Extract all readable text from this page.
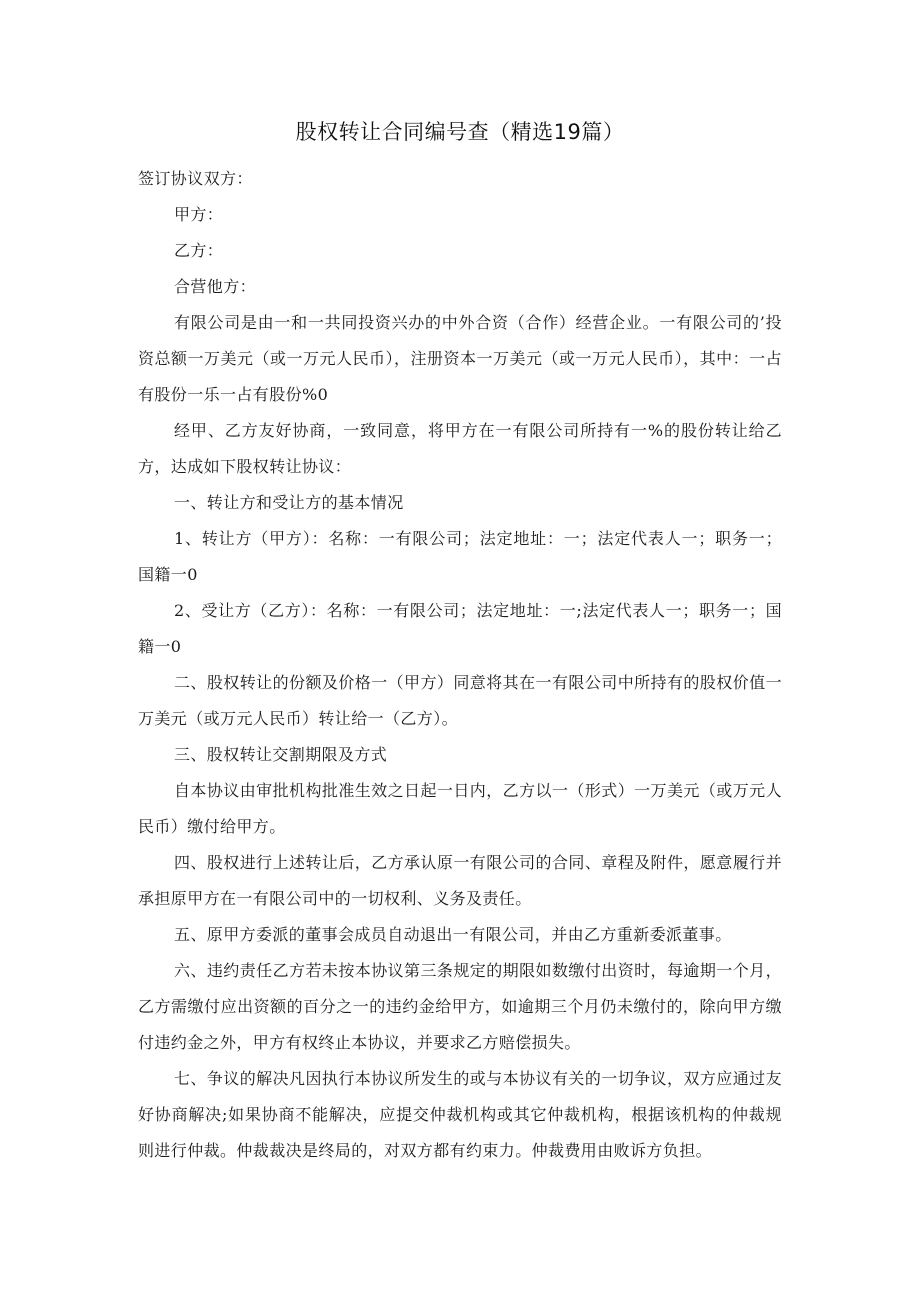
股权转让合同编号查（精选19篇）

签订协议双方：

甲方：

乙方：

合营他方：

有限公司是由一和一共同投资兴办的中外合资（合作）经营企业。一有限公司的’投资总额一万美元（或一万元人民币），注册资本一万美元（或一万元人民币），其中：一占有股份一乐一占有股份%0

经甲、乙方友好协商，一致同意，将甲方在一有限公司所持有一%的股份转让给乙方，达成如下股权转让协议：

一、转让方和受让方的基本情况

1、转让方（甲方）：名称：一有限公司；法定地址：一；法定代表人一；职务一；国籍一0

2、受让方（乙方）：名称：一有限公司；法定地址：一;法定代表人一；职务一；国籍一0

二、股权转让的份额及价格一（甲方）同意将其在一有限公司中所持有的股权价值一万美元（或万元人民币）转让给一（乙方）。

三、股权转让交割期限及方式

自本协议由审批机构批准生效之日起一日内，乙方以一（形式）一万美元（或万元人民币）缴付给甲方。

四、股权进行上述转让后，乙方承认原一有限公司的合同、章程及附件，愿意履行并承担原甲方在一有限公司中的一切权利、义务及责任。

五、原甲方委派的董事会成员自动退出一有限公司，并由乙方重新委派董事。

六、违约责任乙方若未按本协议第三条规定的期限如数缴付出资时，每逾期一个月，乙方需缴付应出资额的百分之一的违约金给甲方，如逾期三个月仍未缴付的，除向甲方缴付违约金之外，甲方有权终止本协议，并要求乙方赔偿损失。

七、争议的解决凡因执行本协议所发生的或与本协议有关的一切争议，双方应通过友好协商解决;如果协商不能解决，应提交仲裁机构或其它仲裁机构，根据该机构的仲裁规则进行仲裁。仲裁裁决是终局的，对双方都有约束力。仲裁费用由败诉方负担。
